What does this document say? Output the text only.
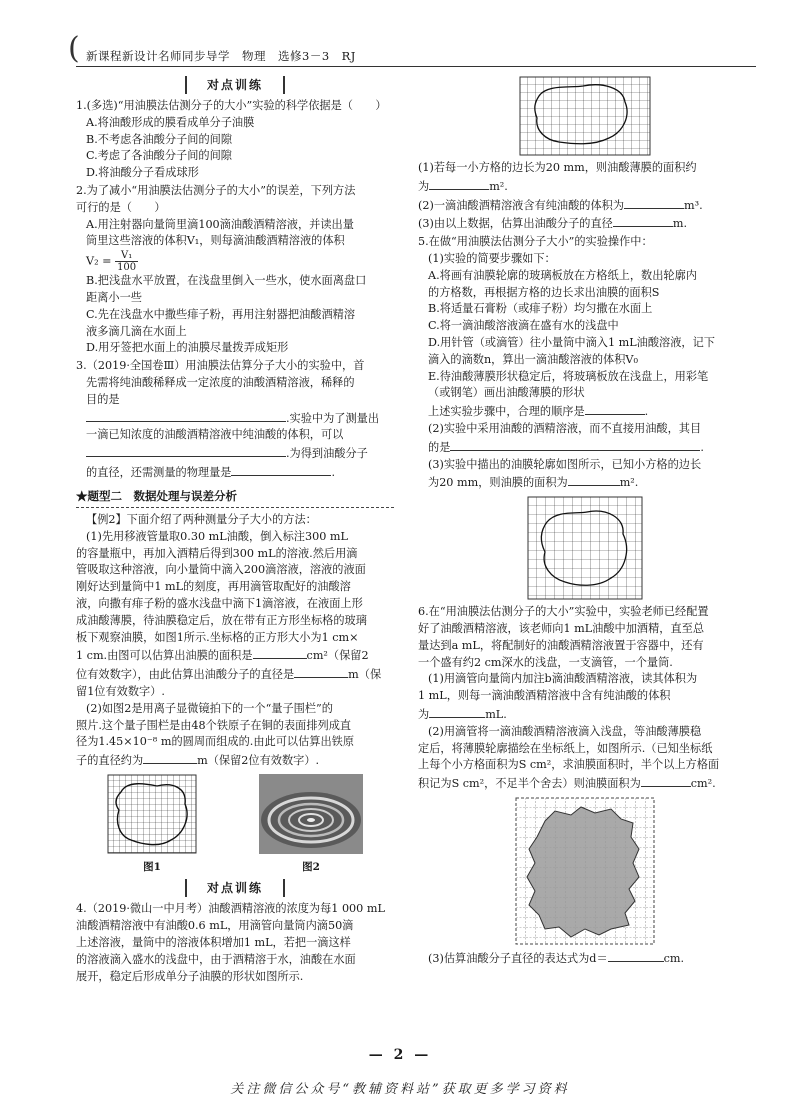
( 新课程新设计名师同步导学　物理　选修3－3　RJ
对点训练

1.(多选)“用油膜法估测分子的大小”实验的科学依据是（　　）

A.将油酸形成的膜看成单分子油膜

B.不考虑各油酸分子间的间隙

C.考虑了各油酸分子间的间隙

D.将油酸分子看成球形

2.为了减小“用油膜法估测分子的大小”的误差，下列方法

可行的是（　　）

A.用注射器向量筒里滴100滴油酸酒精溶液，并读出量

筒里这些溶液的体积V₁，则每滴油酸酒精溶液的体积

$V_2 = \frac{\text{V₁}}{100}$

B.把浅盘水平放置，在浅盘里倒入一些水，使水面离盘口

距离小一些

C.先在浅盘水中撒些痱子粉，再用注射器把油酸酒精溶

液多滴几滴在水面上

D.用牙签把水面上的油膜尽量拨弄成矩形

3.（2019·全国卷Ⅲ）用油膜法估算分子大小的实验中，首

先需将纯油酸稀释成一定浓度的油酸酒精溶液，稀释的

目的是

.实验中为了测量出

一滴已知浓度的油酸酒精溶液中纯油酸的体积，可以

.为得到油酸分子

的直径，还需测量的物理量是	.

★题型二　数据处理与误差分析

【例2】下面介绍了两种测量分子大小的方法：

(1)先用移液管量取0.30 mL油酸，倒入标注300 mL

的容量瓶中，再加入酒精后得到300 mL的溶液.然后用滴

管吸取这种溶液，向小量筒中滴入200滴溶液，溶液的液面

刚好达到量筒中1 mL的刻度，再用滴管取配好的油酸溶

液，向撒有痱子粉的盛水浅盘中滴下1滴溶液，在液面上形

成油酸薄膜，待油膜稳定后，放在带有正方形坐标格的玻璃

板下观察油膜，如图1所示.坐标格的正方形大小为1 cm×

1 cm.由图可以估算出油膜的面积是	cm²（保留2

位有效数字），由此估算出油酸分子的直径是	m（保

留1位有效数字）.

(2)如图2是用离子显微镜拍下的一个“量子围栏”的

照片.这个量子围栏是由48个铁原子在铜的表面排列成直

径为1.45×10⁻⁸ m的圆周而组成的.由此可以估算出铁原

子的直径约为	m（保留2位有效数字）.

图1	图2
对点训练

4.（2019·微山一中月考）油酸酒精溶液的浓度为每1 000 mL

油酸酒精溶液中有油酸0.6 mL，用滴管向量筒内滴50滴

上述溶液，量筒中的溶液体积增加1 mL，若把一滴这样

的溶液滴入盛水的浅盘中，由于酒精溶于水，油酸在水面

展开，稳定后形成单分子油膜的形状如图所示.

(1)若每一小方格的边长为20 mm，则油酸薄膜的面积约

为	m².

(2)一滴油酸酒精溶液含有纯油酸的体积为	m³.

(3)由以上数据，估算出油酸分子的直径	m.

5.在做“用油膜法估测分子大小”的实验操作中：

(1)实验的简要步骤如下：

A.将画有油膜轮廓的玻璃板放在方格纸上，数出轮廓内

的方格数，再根据方格的边长求出油膜的面积S

B.将适量石膏粉（或痱子粉）均匀撒在水面上

C.将一滴油酸溶液滴在盛有水的浅盘中

D.用针管（或滴管）往小量筒中滴入1 mL油酸溶液，记下

滴入的滴数n，算出一滴油酸溶液的体积V₀

E.待油酸薄膜形状稳定后，将玻璃板放在浅盘上，用彩笔

（或钢笔）画出油酸薄膜的形状

上述实验步骤中，合理的顺序是	.

(2)实验中采用油酸的酒精溶液，而不直接用油酸，其目

的是	.

(3)实验中描出的油膜轮廓如图所示，已知小方格的边长

为20 mm，则油膜的面积为	m².

6.在“用油膜法估测分子的大小”实验中，实验老师已经配置

好了油酸酒精溶液，该老师向1 mL油酸中加酒精，直至总

量达到a mL，将配制好的油酸酒精溶液置于容器中，还有

一个盛有约2 cm深水的浅盘，一支滴管，一个量筒.

(1)用滴管向量筒内加注b滴油酸酒精溶液，读其体积为

1 mL，则每一滴油酸酒精溶液中含有纯油酸的体积

为	mL.

(2)用滴管将一滴油酸酒精溶液滴入浅盘，等油酸薄膜稳

定后，将薄膜轮廓描绘在坐标纸上，如图所示.（已知坐标纸

上每个小方格面积为S cm²，求油膜面积时，半个以上方格面

积记为S cm²，不足半个舍去）则油膜面积为	cm².

(3)估算油酸分子直径的表达式为d＝	cm.

— 2 —
关注微信公众号“教辅资料站”获取更多学习资料
